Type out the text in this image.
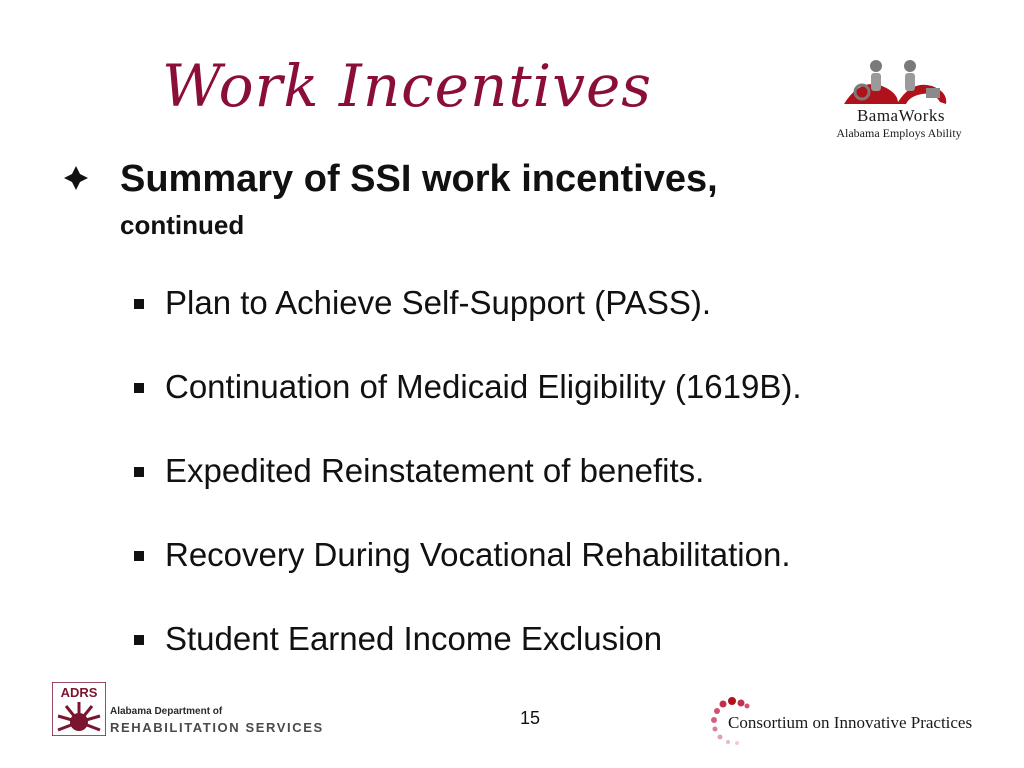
Work Incentives	BamaWorks
Alabama Employs Ability
Summary of SSI work incentives,
continued
Plan to Achieve Self-Support (PASS).
Continuation of Medicaid Eligibility (1619B).
Expedited Reinstatement of benefits.
Recovery During Vocational Rehabilitation.
Student Earned Income Exclusion
ADRS
Alabama Department of
REHABILITATION SERVICES	15	Consortium on Innovative Practices
